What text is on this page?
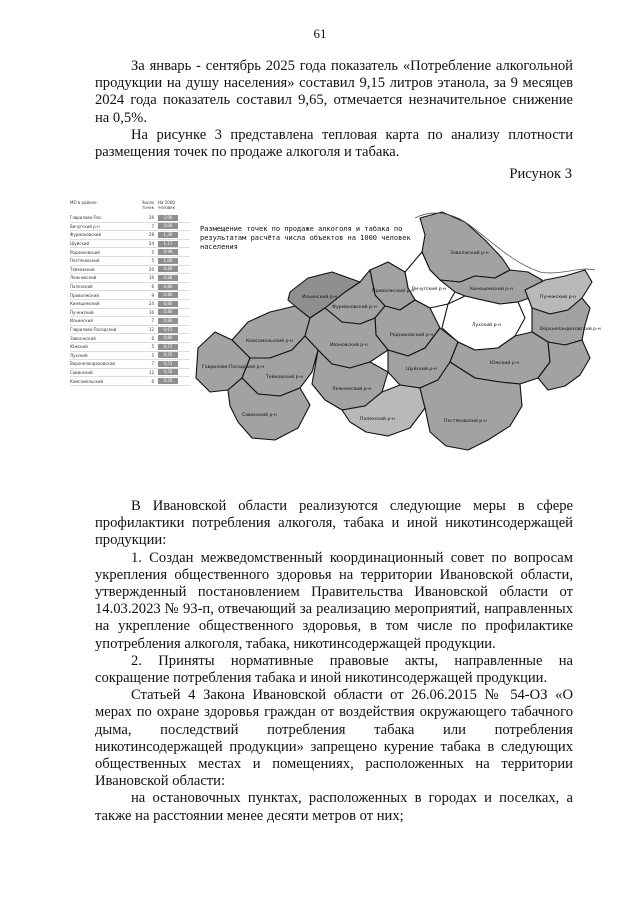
61

За январь - сентябрь 2025 года показатель «Потребление алкогольной продукции на душу населения» составил 9,15 литров этанола, за 9 месяцев 2024 года показатель составил 9,65, отмечается незначительное снижение на 0,5%.

На рисунке 3 представлена тепловая карта по анализу плотности размещения точек по продаже алкоголя и табака.

Рисунок 3
МО в районе	Число точек
На 1000 человек
Гаврилово-Пос.	26	3,00
Вичугский р-н	7	4,00
Фурмановский	28	1,39
Шуйский	24	1,17
Родниковский	5	0,99
Пестяковский	5	1,00
Тейковский	20	0,89
Лежневский	16	0,88
Палехский	6	0,80
Приволжский	9	0,80
Кинешемский	24	0,80
Пучежский	16	0,80
Ильинский	7	0,80
Гаврилово-Посадский	12	0,61
Заволжский	6	0,80
Южский	5	0,57
Лухский	5	0,55
Верхнеландеховский	7	0,51
Савинский	12	0,56
Комсомольский	6	0,50
Заволжский р-н
Кинешемский р-н
Вичугский р-н
Приволжский р-н
Фурмановский р-н
Пучежский р-н
Родниковский р-н
Лухский р-н
Комсомольский р-н
Ильинский р-н
Ивановский р-н
Шуйский р-н
Гаврилово-Посадский р-н
Тейковский р-н
Лежневский р-н
Южский р-н
Савинский р-н
Палехский р-н	Пестяковский р-н
Верхнеландеховский р-н
Размещение точек по продаже алкоголя и табака по результатам расчёта числа объектов на 1000 человек населения

В Ивановской области реализуются следующие меры в сфере профилактики потребления алкоголя, табака и иной никотинсодержащей продукции:

1. Создан межведомственный координационный совет по вопросам укрепления общественного здоровья на территории Ивановской области, утвержденный постановлением Правительства Ивановской области от 14.03.2023 № 93-п, отвечающий за реализацию мероприятий, направленных на укрепление общественного здоровья, в том числе по профилактике употребления алкоголя, табака, никотинсодержащей продукции.

2. Приняты нормативные правовые акты, направленные на сокращение потребления табака и иной никотинсодержащей продукции.

Статьей 4 Закона Ивановской области от 26.06.2015 № 54-ОЗ «О мерах по охране здоровья граждан от воздействия окружающего табачного дыма, последствий потребления табака или потребления никотинсодержащей продукции» запрещено курение табака в следующих общественных местах и помещениях, расположенных на территории Ивановской области:

на остановочных пунктах, расположенных в городах и поселках, а также на расстоянии менее десяти метров от них;
